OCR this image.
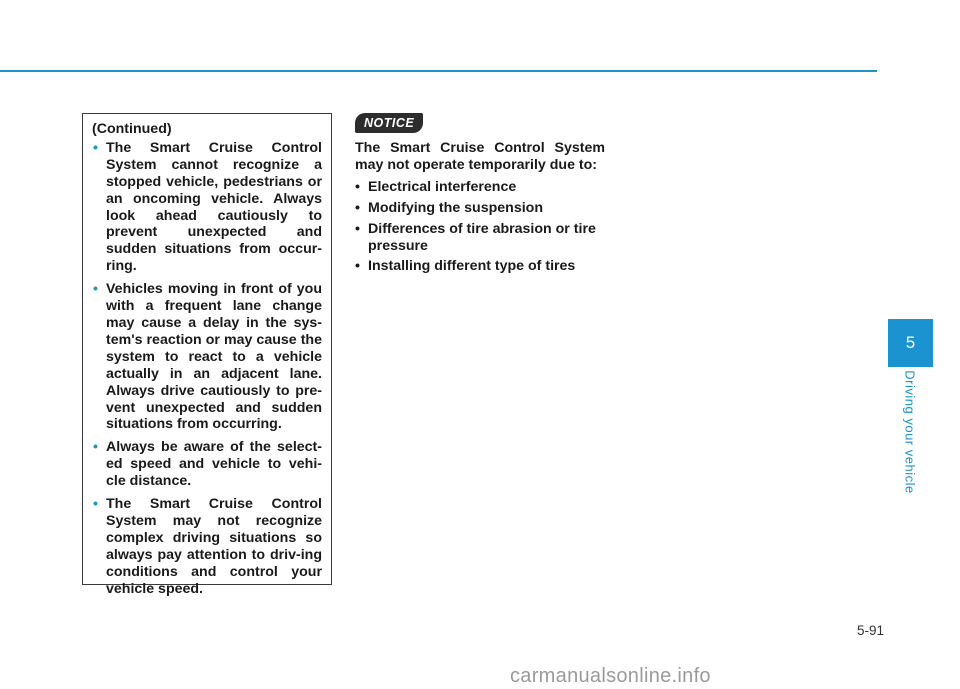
(Continued)
• The Smart Cruise Control System cannot recognize a stopped vehicle, pedestrians or an oncoming vehicle. Always look ahead cautiously to prevent unexpected and sudden situations from occur-ring.
• Vehicles moving in front of you with a frequent lane change may cause a delay in the sys-tem's reaction or may cause the system to react to a vehicle actually in an adjacent lane. Always drive cautiously to pre-vent unexpected and sudden situations from occurring.
• Always be aware of the select-ed speed and vehicle to vehi-cle distance.
• The Smart Cruise Control System may not recognize complex driving situations so always pay attention to driv-ing conditions and control your vehicle speed.
NOTICE

The Smart Cruise Control System may not operate temporarily due to:

• Electrical interference
• Modifying the suspension
• Differences of tire abrasion or tire pressure
• Installing different type of tires
5
Driving your vehicle
5-91
carmanualsonline.info
